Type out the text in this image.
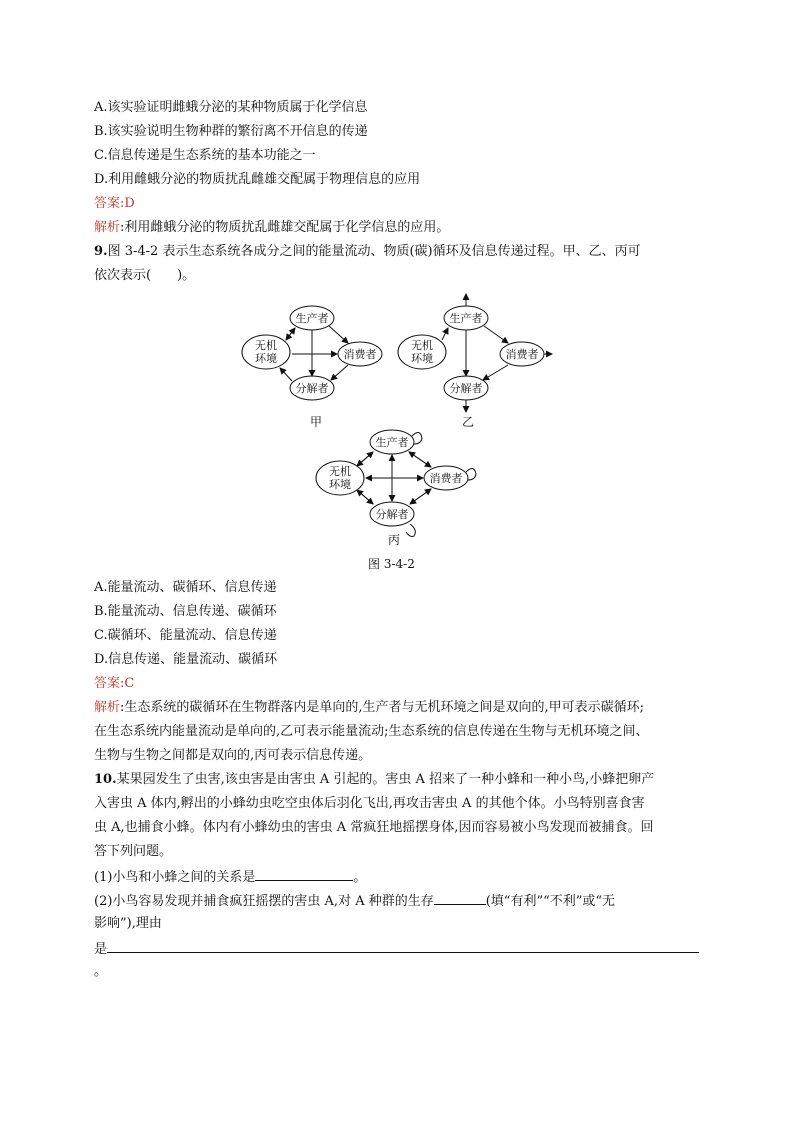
A.该实验证明雌蛾分泌的某种物质属于化学信息
B.该实验说明生物种群的繁衍离不开信息的传递
C.信息传递是生态系统的基本功能之一
D.利用雌蛾分泌的物质扰乱雌雄交配属于物理信息的应用
答案:D
解析:利用雌蛾分泌的物质扰乱雌雄交配属于化学信息的应用。
9.图 3-4-2 表示生态系统各成分之间的能量流动、物质(碳)循环及信息传递过程。甲、乙、丙可
依次表示(　　)。
生产者
无机
环境	消费者
分解者
甲
生产者
无机
环境	消费者
分解者
乙
生产者
无机
环境	消费者
分解者
丙
图 3-4-2
A.能量流动、碳循环、信息传递
B.能量流动、信息传递、碳循环
C.碳循环、能量流动、信息传递
D.信息传递、能量流动、碳循环
答案:C
解析:生态系统的碳循环在生物群落内是单向的,生产者与无机环境之间是双向的,甲可表示碳循环;
在生态系统内能量流动是单向的,乙可表示能量流动;生态系统的信息传递在生物与无机环境之间、
生物与生物之间都是双向的,丙可表示信息传递。
10.某果园发生了虫害,该虫害是由害虫 A 引起的。害虫 A 招来了一种小蜂和一种小鸟,小蜂把卵产
入害虫 A 体内,孵出的小蜂幼虫吃空虫体后羽化飞出,再攻击害虫 A 的其他个体。小鸟特别喜食害
虫 A,也捕食小蜂。体内有小蜂幼虫的害虫 A 常疯狂地摇摆身体,因而容易被小鸟发现而被捕食。回
答下列问题。
(1)小鸟和小蜂之间的关系是	。
(2)小鸟容易发现并捕食疯狂摇摆的害虫 A,对 A 种群的生存	(填“有利”“不利”或“无
影响”),理由
是
。
